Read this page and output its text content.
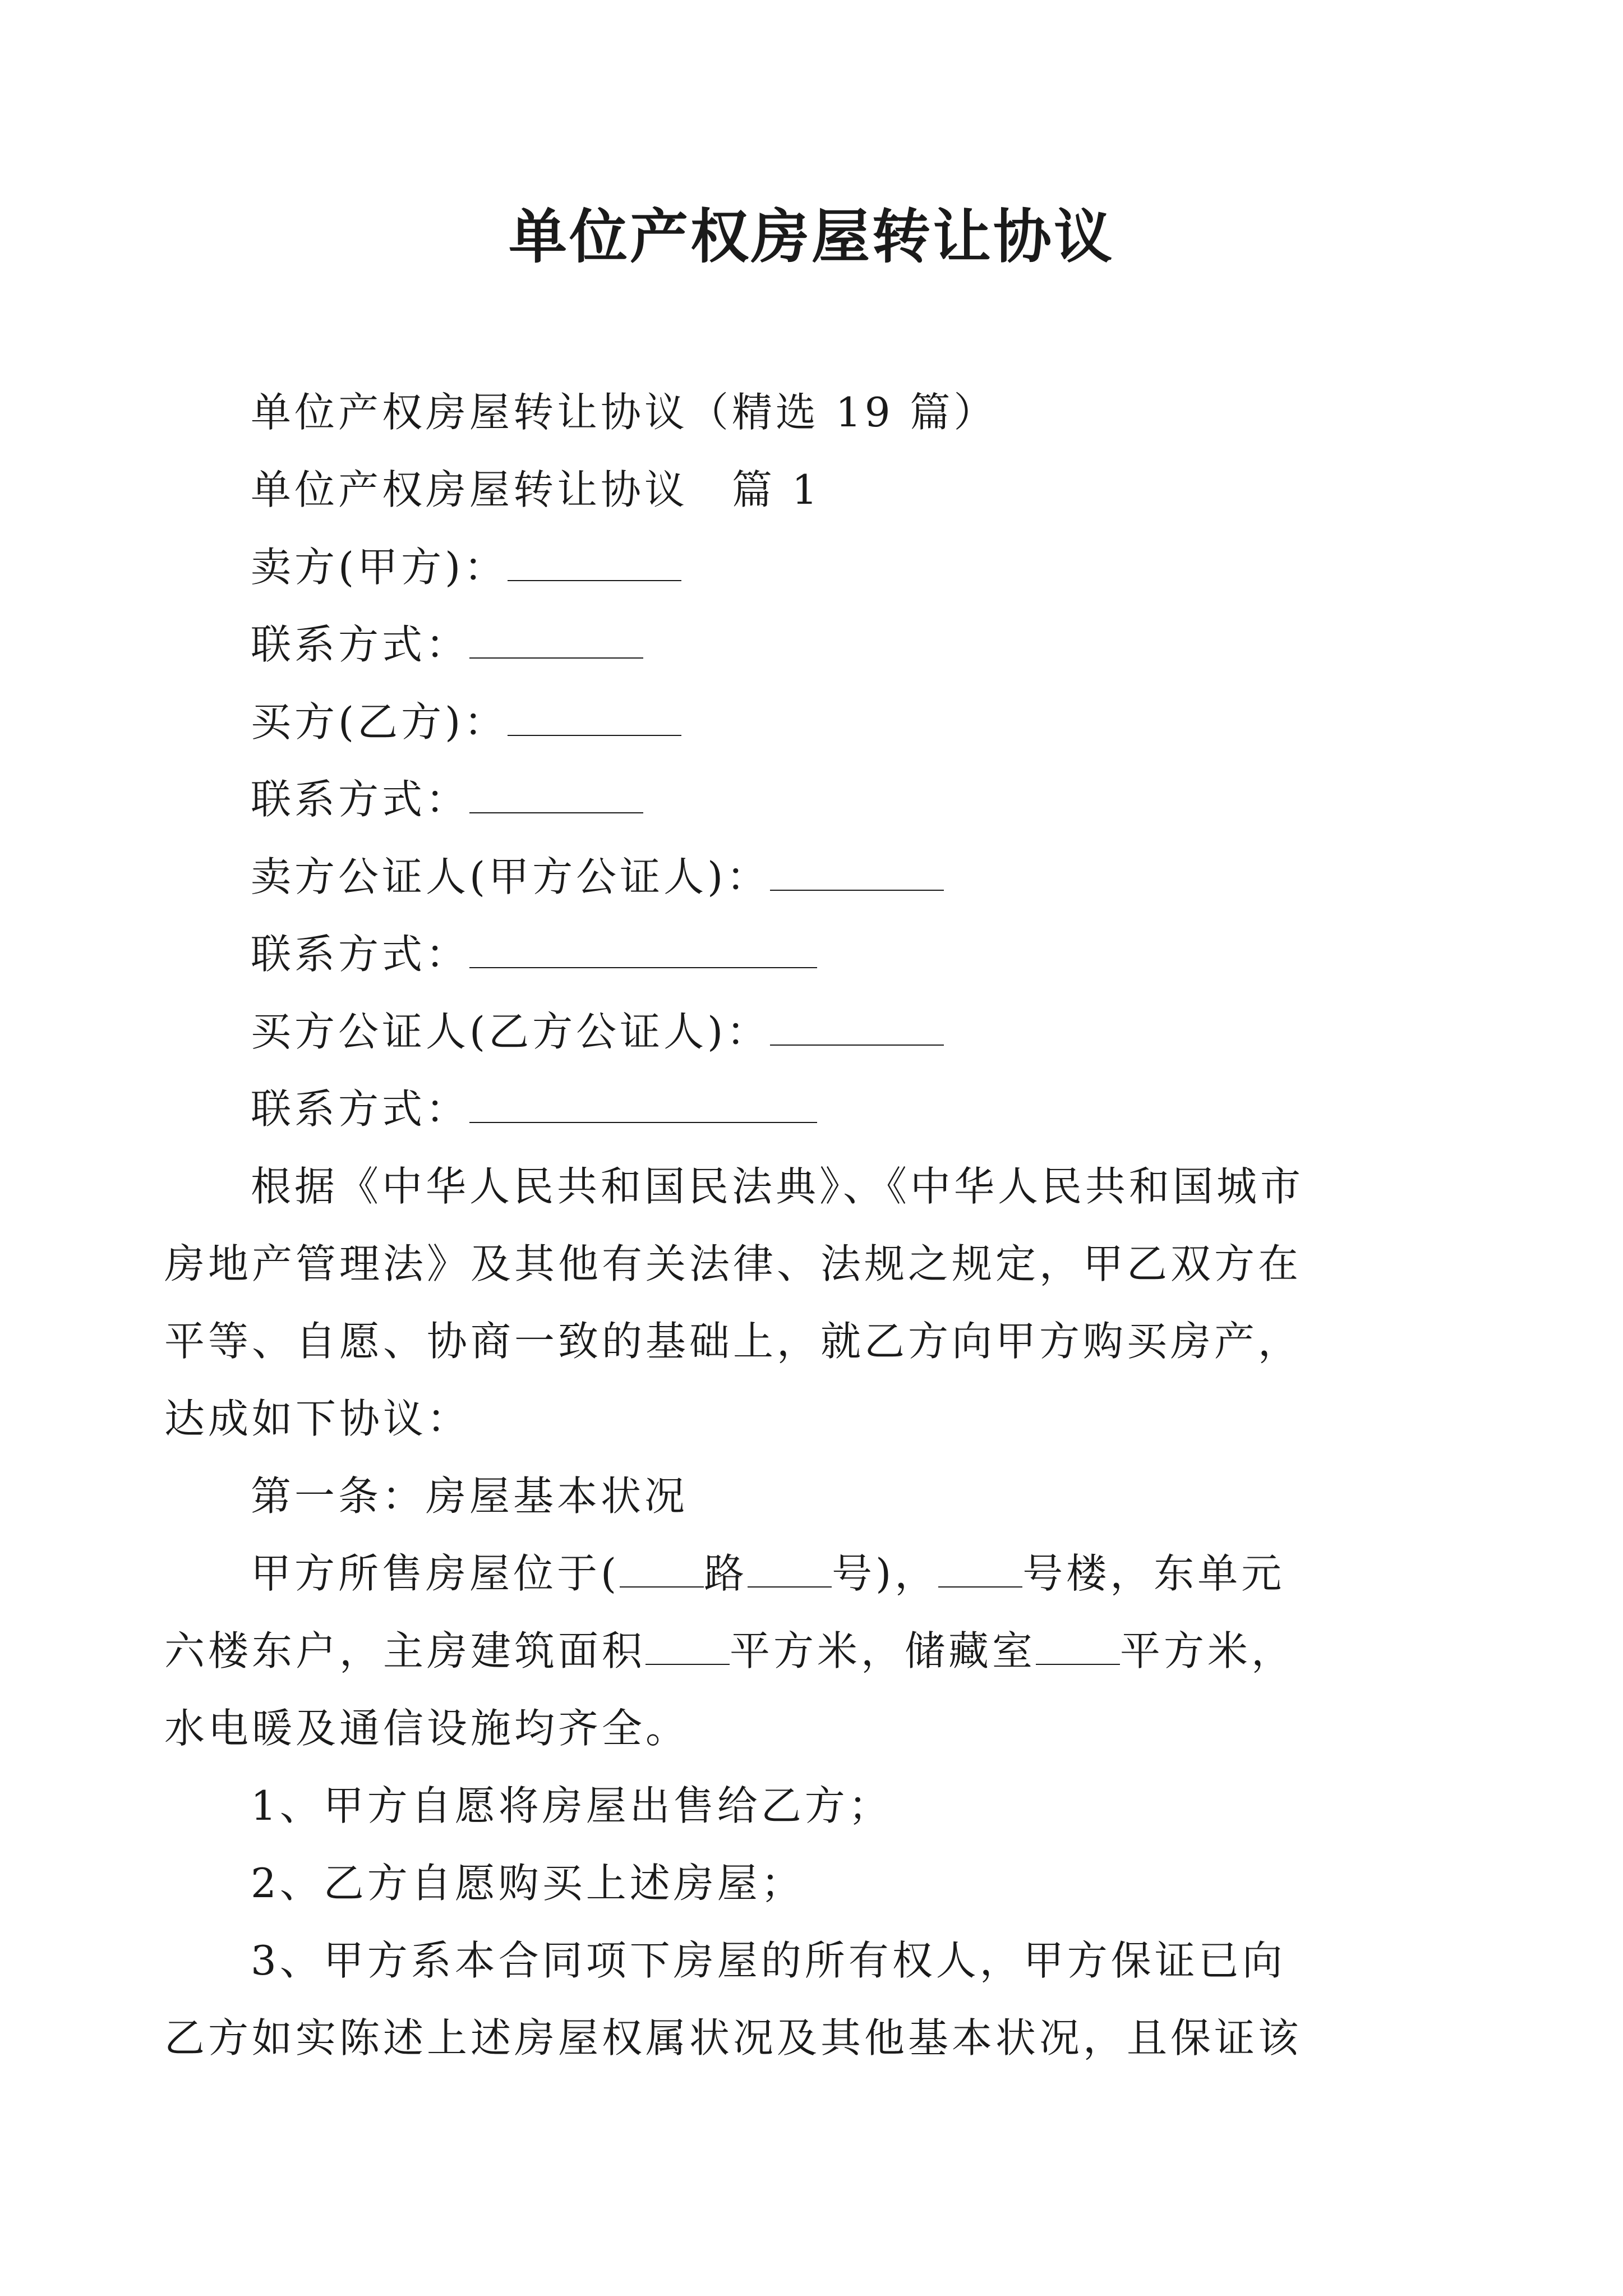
单位产权房屋转让协议
单位产权房屋转让协议（精选 19 篇）
单位产权房屋转让协议　篇 1
卖方(甲方)：
联系方式：
买方(乙方)：
联系方式：
卖方公证人(甲方公证人)：
联系方式：
买方公证人(乙方公证人)：
联系方式：
根据《中华人民共和国民法典》、《中华人民共和国城市
房地产管理法》及其他有关法律、法规之规定，甲乙双方在
平等、自愿、协商一致的基础上，就乙方向甲方购买房产，
达成如下协议：
第一条：房屋基本状况
甲方所售房屋位于( 路 号)， 号楼，东单元
六楼东户，主房建筑面积 平方米，储藏室 平方米，
水电暖及通信设施均齐全。
1、甲方自愿将房屋出售给乙方；
2、乙方自愿购买上述房屋；
3、甲方系本合同项下房屋的所有权人，甲方保证已向
乙方如实陈述上述房屋权属状况及其他基本状况，且保证该
